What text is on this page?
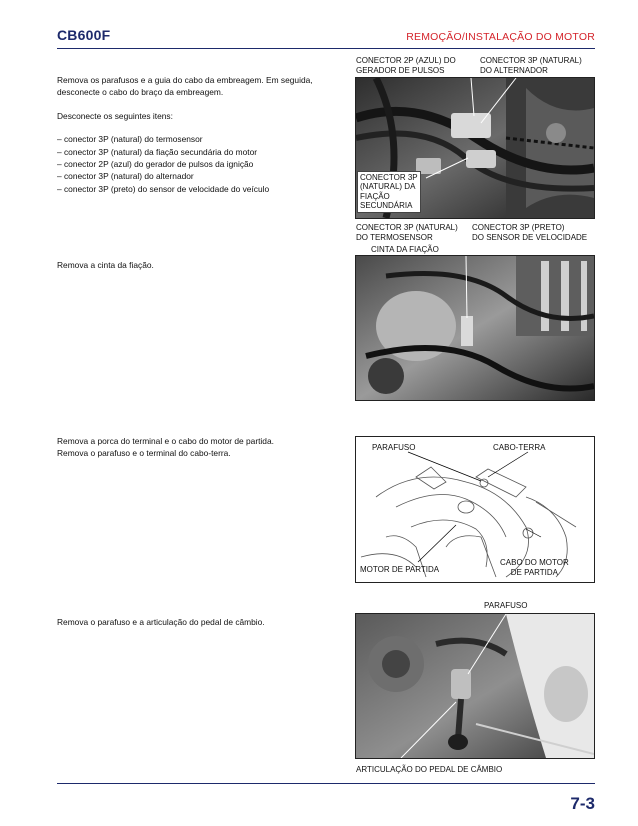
CB600F	REMOÇÃO/INSTALAÇÃO DO MOTOR

Remova os parafusos e a guia do cabo da embreagem. Em seguida, desconecte o cabo do braço da embreagem.

Desconecte os seguintes itens:

– conector 3P (natural) do termosensor

– conector 3P (natural) da fiação secundária do motor

– conector 2P (azul) do gerador de pulsos da ignição

– conector 3P (natural) do alternador

– conector 3P (preto) do sensor de velocidade do veículo

CONECTOR 2P (AZUL) DO
GERADOR DE PULSOS
CONECTOR 3P (NATURAL)
DO ALTERNADOR
CONECTOR 3P
(NATURAL) DA
FIAÇÃO
SECUNDÁRIA
CONECTOR 3P (NATURAL)
DO TERMOSENSOR
CONECTOR 3P (PRETO)
DO SENSOR DE VELOCIDADE
CINTA DA FIAÇÃO
Remova a cinta da fiação.

Remova a porca do terminal e o cabo do motor de partida.

Remova o parafuso e o terminal do cabo-terra.

PARAFUSO	CABO-TERRA
MOTOR DE PARTIDA
CABO DO MOTOR
DE PARTIDA
Remova o parafuso e a articulação do pedal de câmbio.
PARAFUSO
ARTICULAÇÃO DO PEDAL DE CÂMBIO
7-3
